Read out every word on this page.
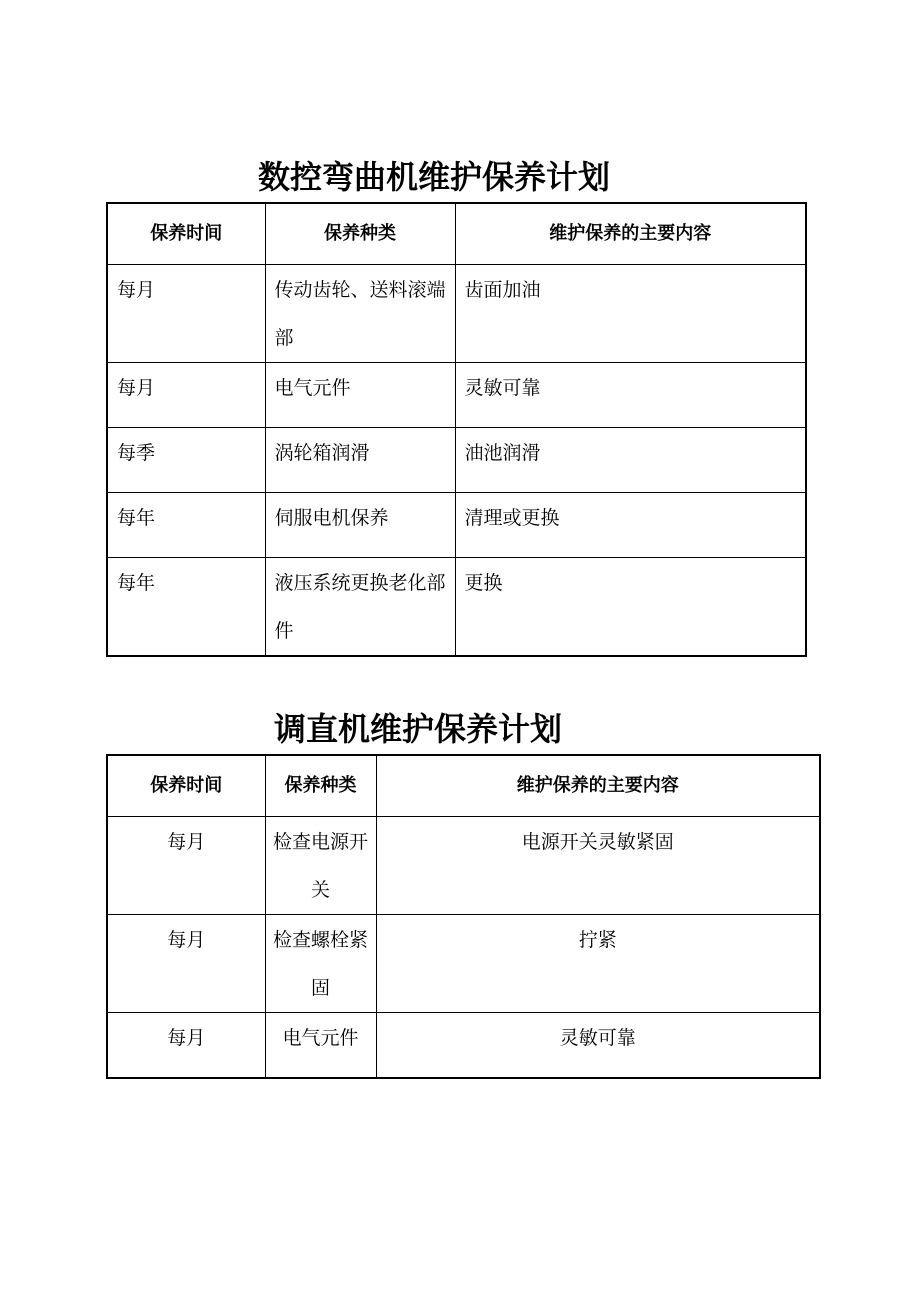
数控弯曲机维护保养计划
保养时间	保养种类	维护保养的主要内容
每月	传动齿轮、送料滚端部	齿面加油
每月	电气元件	灵敏可靠
每季	涡轮箱润滑	油池润滑
每年	伺服电机保养	清理或更换
每年	液压系统更换老化部件	更换
调直机维护保养计划
保养时间	保养种类	维护保养的主要内容
每月	检查电源开关	电源开关灵敏紧固
每月	检查螺栓紧固	拧紧
每月	电气元件	灵敏可靠
